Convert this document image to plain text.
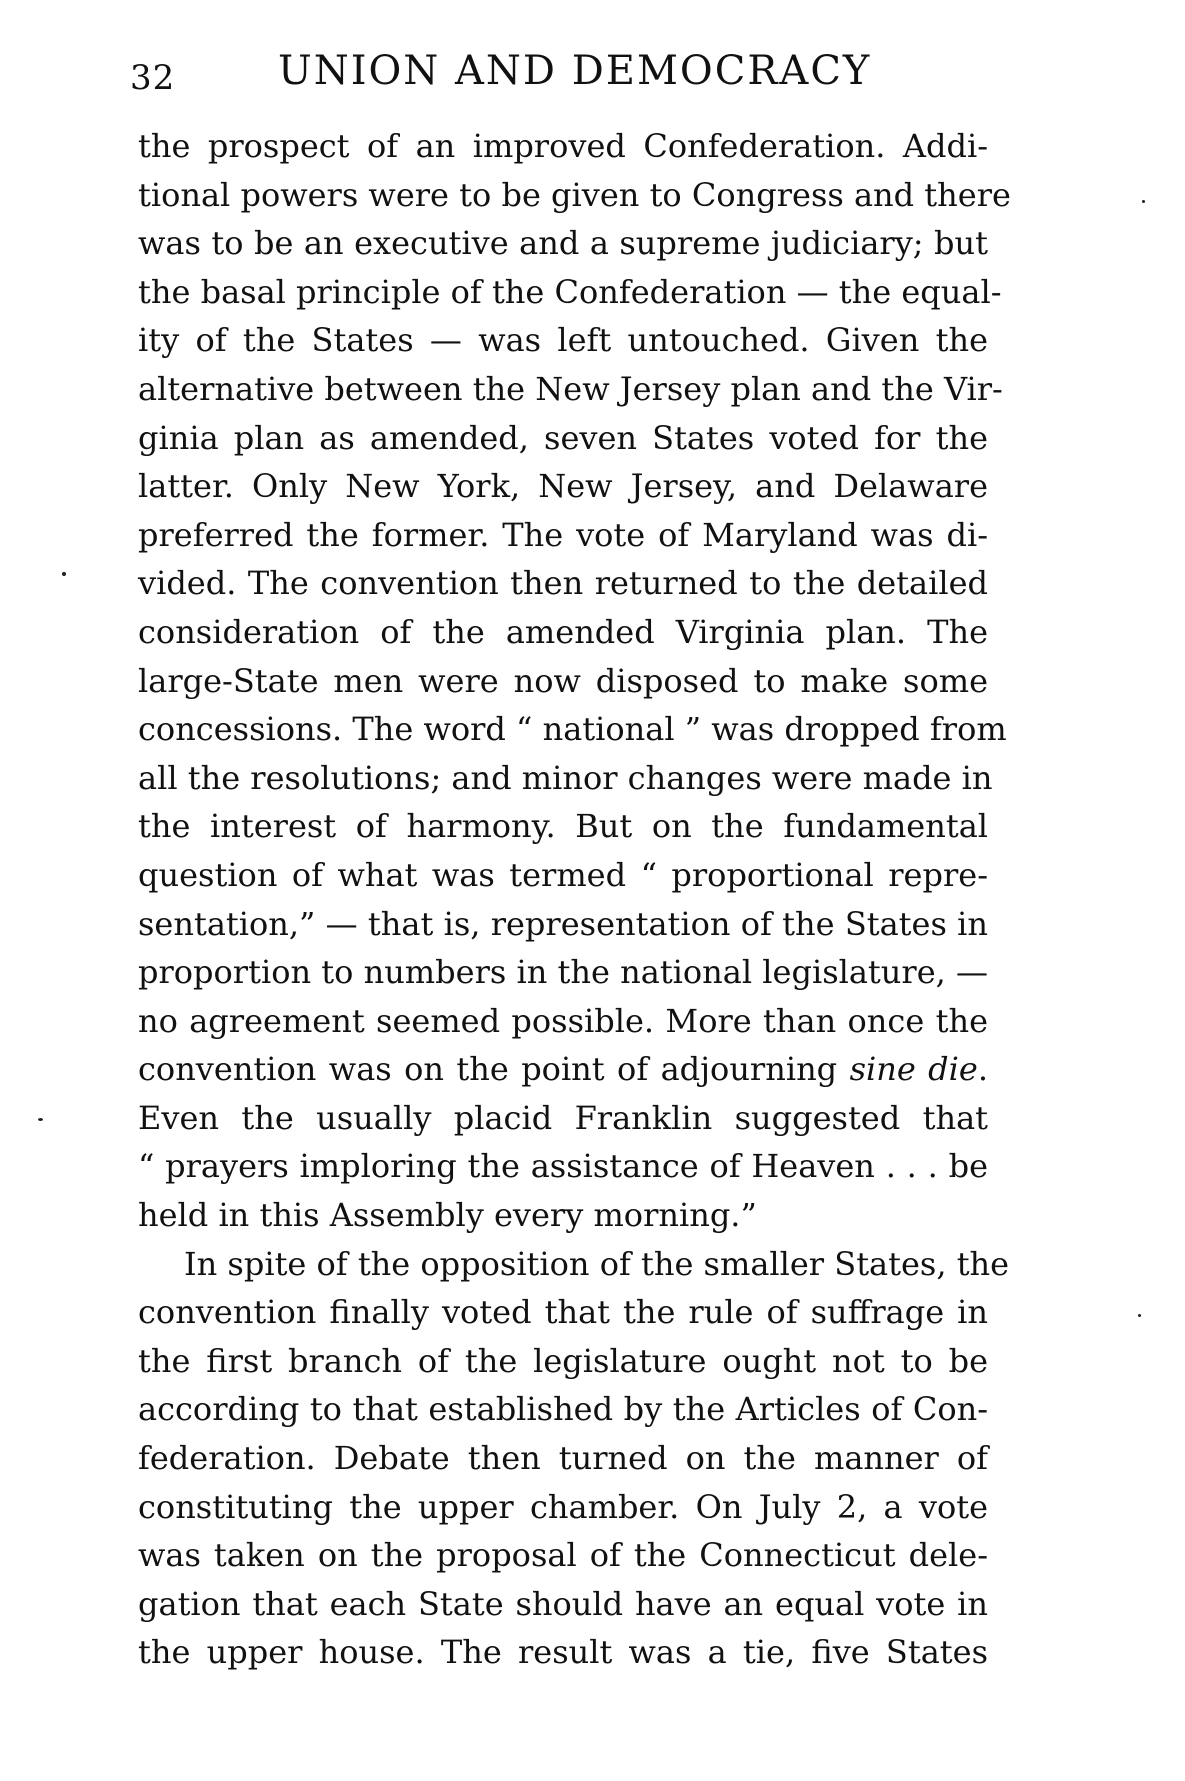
32	UNION AND DEMOCRACY
the prospect of an improved Confederation. Addi-
tional powers were to be given to Congress and there
was to be an executive and a supreme judiciary; but
the basal principle of the Confederation — the equal-
ity of the States — was left untouched. Given the
alternative between the New Jersey plan and the Vir-
ginia plan as amended, seven States voted for the
latter. Only New York, New Jersey, and Delaware
preferred the former. The vote of Maryland was di-
vided. The convention then returned to the detailed
consideration of the amended Virginia plan. The
large-State men were now disposed to make some
concessions. The word “ national ” was dropped from
all the resolutions; and minor changes were made in
the interest of harmony. But on the fundamental
question of what was termed “ proportional repre-
sentation,” — that is, representation of the States in
proportion to numbers in the national legislature, —
no agreement seemed possible. More than once the
convention was on the point of adjourning sine die.
Even the usually placid Franklin suggested that
“ prayers imploring the assistance of Heaven . . . be
held in this Assembly every morning.”
In spite of the opposition of the smaller States, the
convention finally voted that the rule of suffrage in
the first branch of the legislature ought not to be
according to that established by the Articles of Con-
federation. Debate then turned on the manner of
constituting the upper chamber. On July 2, a vote
was taken on the proposal of the Connecticut dele-
gation that each State should have an equal vote in
the upper house. The result was a tie, five States
